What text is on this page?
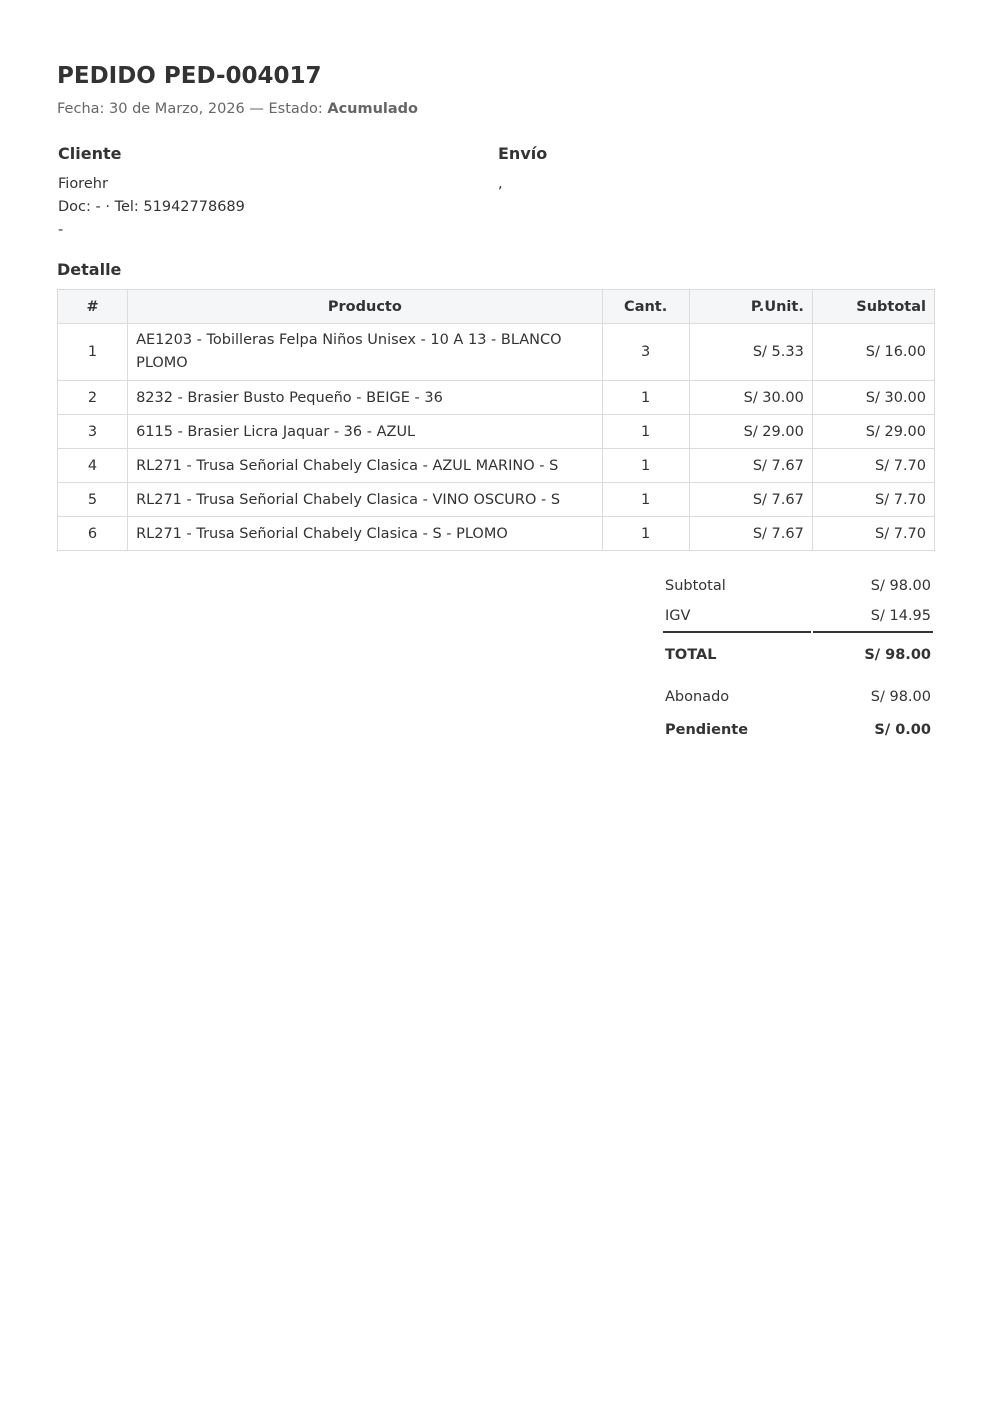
PEDIDO PED-004017
Fecha: 30 de Marzo, 2026 — Estado: Acumulado
Cliente
Fiorehr
Doc: - · Tel: 51942778689
-
Envío
,
Detalle
#	Producto	Cant.	P.Unit.	Subtotal
1	AE1203 - Tobilleras Felpa Niños Unisex - 10 A 13 - BLANCO PLOMO	3	S/ 5.33	S/ 16.00
2	8232 - Brasier Busto Pequeño - BEIGE - 36	1	S/ 30.00	S/ 30.00
3	6115 - Brasier Licra Jaquar - 36 - AZUL	1	S/ 29.00	S/ 29.00
4	RL271 - Trusa Señorial Chabely Clasica - AZUL MARINO - S	1	S/ 7.67	S/ 7.70
5	RL271 - Trusa Señorial Chabely Clasica - VINO OSCURO - S	1	S/ 7.67	S/ 7.70
6	RL271 - Trusa Señorial Chabely Clasica - S - PLOMO	1	S/ 7.67	S/ 7.70
Subtotal	S/ 98.00
IGV	S/ 14.95
TOTAL	S/ 98.00
Abonado	S/ 98.00
Pendiente	S/ 0.00
